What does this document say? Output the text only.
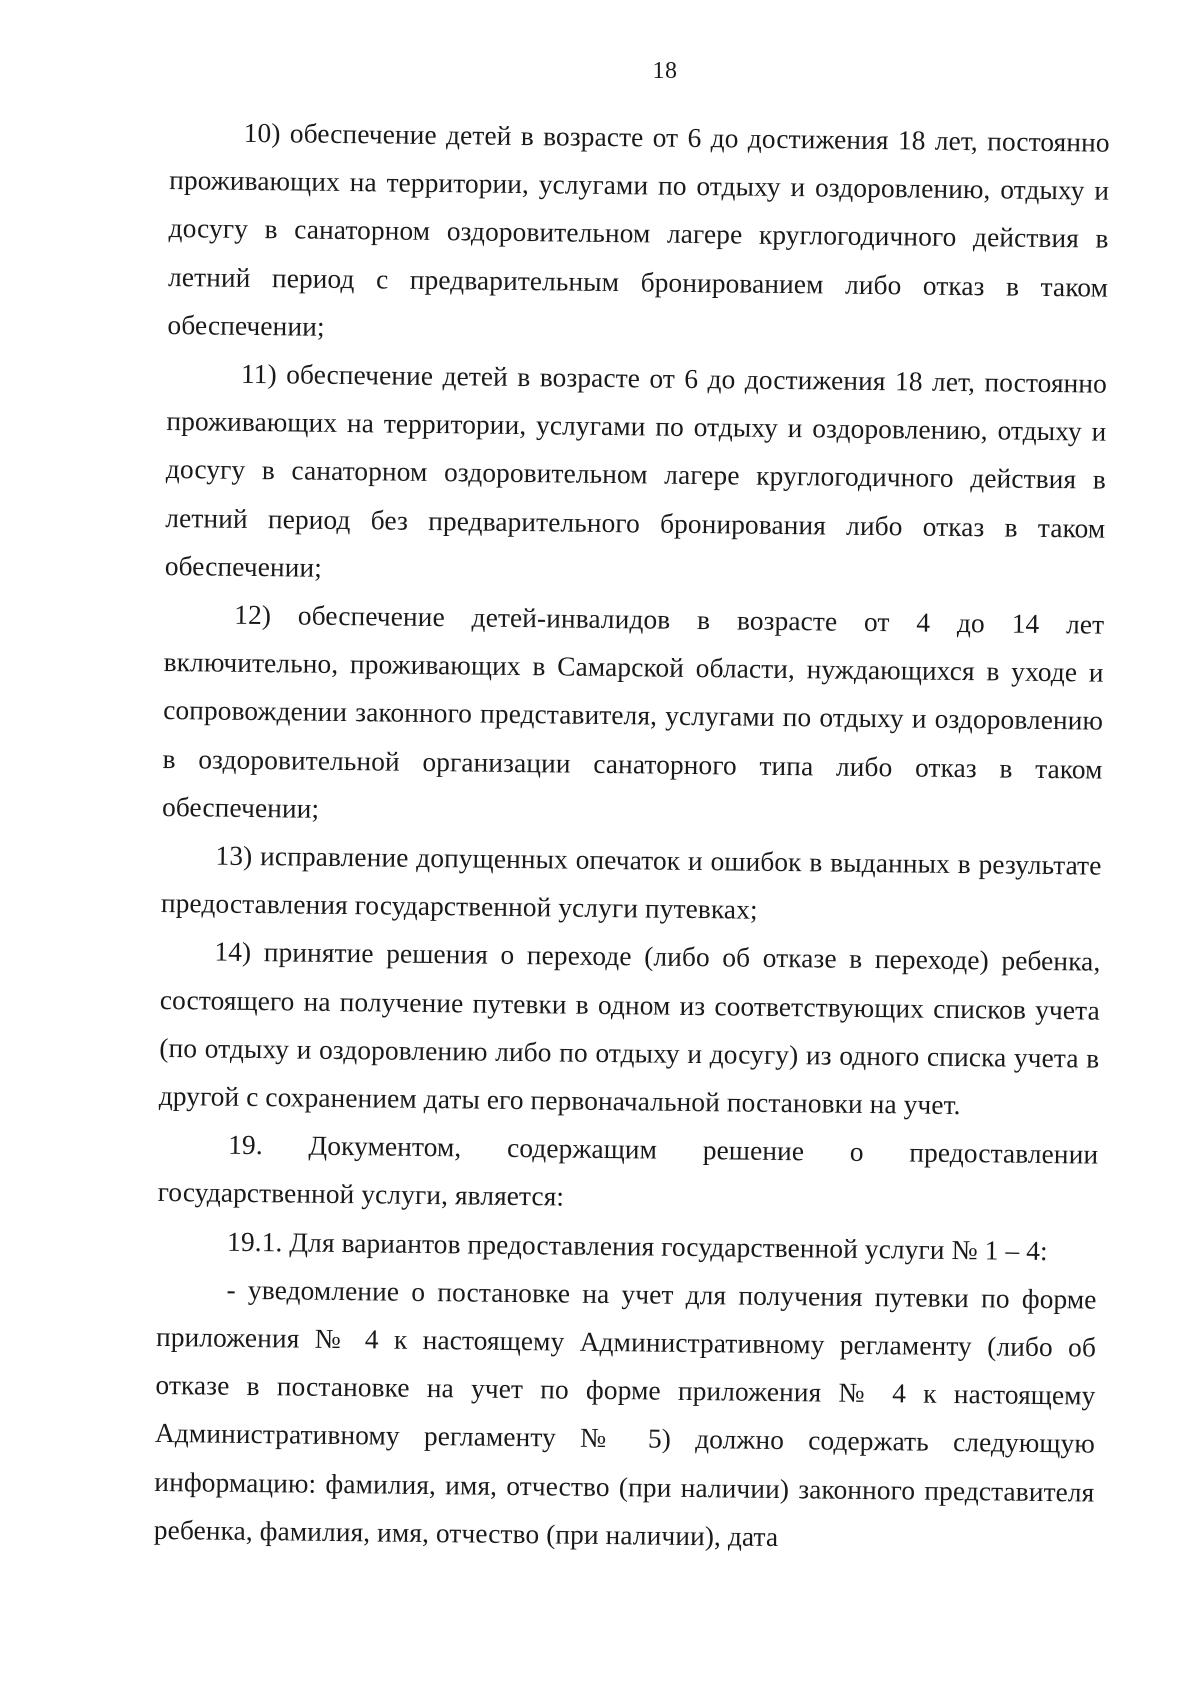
18

10) обеспечение детей в возрасте от 6 до достижения 18 лет, постоянно проживающих на территории, услугами по отдыху и оздоровлению, отдыху и досугу в санаторном оздоровительном лагере круглогодичного действия в летний период с предварительным бронированием либо отказ в таком обеспечении;

11) обеспечение детей в возрасте от 6 до достижения 18 лет, постоянно проживающих на территории, услугами по отдыху и оздоровлению, отдыху и досугу в санаторном оздоровительном лагере круглогодичного действия в летний период без предварительного бронирования либо отказ в таком обеспечении;

12) обеспечение детей-инвалидов в возрасте от 4 до 14 лет включительно, проживающих в Самарской области, нуждающихся в уходе и сопровождении законного представителя, услугами по отдыху и оздоровлению в оздоровительной организации санаторного типа либо отказ в таком обеспечении;

13) исправление допущенных опечаток и ошибок в выданных в результате предоставления государственной услуги путевках;

14) принятие решения о переходе (либо об отказе в переходе) ребенка, состоящего на получение путевки в одном из соответствующих списков учета (по отдыху и оздоровлению либо по отдыху и досугу) из одного списка учета в другой с сохранением даты его первоначальной постановки на учет.

19. Документом, содержащим решение о предоставлении государственной услуги, является:

19.1. Для вариантов предоставления государственной услуги № 1 – 4:

- уведомление о постановке на учет для получения путевки по форме приложения № 4 к настоящему Административному регламенту (либо об отказе в постановке на учет по форме приложения № 4 к настоящему Административному регламенту № 5) должно содержать следующую информацию: фамилия, имя, отчество (при наличии) законного представителя ребенка, фамилия, имя, отчество (при наличии), дата
